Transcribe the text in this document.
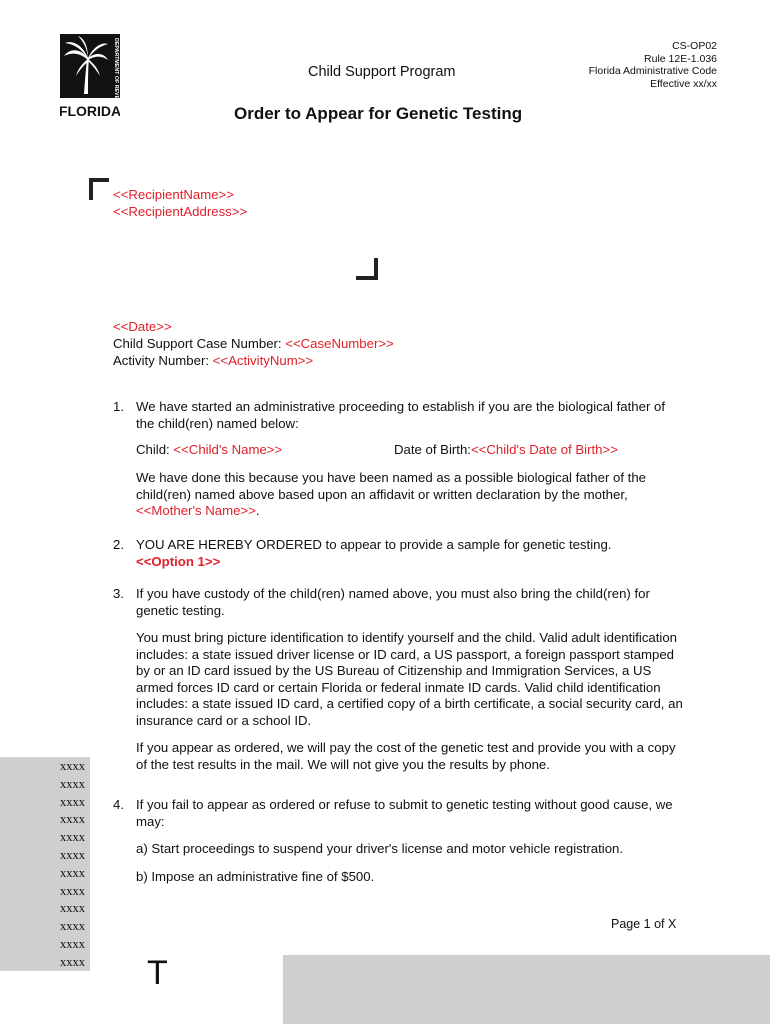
DEPARTMENT OF REVENUE
FLORIDA
CS-OP02
Rule 12E-1.036
Florida Administrative Code
Effective xx/xx
Child Support Program
Order to Appear for Genetic Testing
<<RecipientName>>
<<RecipientAddress>>
<<Date>>
Child Support Case Number: <<CaseNumber>>
Activity Number: <<ActivityNum>>
1. We have started an administrative proceeding to establish if you are the biological father of the child(ren) named below:
Child: <<Child's Name>>	Date of Birth:<<Child's Date of Birth>>
We have done this because you have been named as a possible biological father of the child(ren) named above based upon an affidavit or written declaration by the mother,
<<Mother's Name>>.
2. YOU ARE HEREBY ORDERED to appear to provide a sample for genetic testing.
<<Option 1>>
3. If you have custody of the child(ren) named above, you must also bring the child(ren) for genetic testing.
You must bring picture identification to identify yourself and the child. Valid adult identification includes: a state issued driver license or ID card, a US passport, a foreign passport stamped by or an ID card issued by the US Bureau of Citizenship and Immigration Services, a US armed forces ID card or certain Florida or federal inmate ID cards. Valid child identification includes: a state issued ID card, a certified copy of a birth certificate, a social security card, an insurance card or a school ID.
If you appear as ordered, we will pay the cost of the genetic test and provide you with a copy of the test results in the mail. We will not give you the results by phone.
4. If you fail to appear as ordered or refuse to submit to genetic testing without good cause, we may:
a) Start proceedings to suspend your driver's license and motor vehicle registration.
b) Impose an administrative fine of $500.
xxxx
xxxx
xxxx
xxxx
xxxx
xxxx
xxxx
xxxx
xxxx
xxxx
xxxx
xxxx
Page 1 of X
T
